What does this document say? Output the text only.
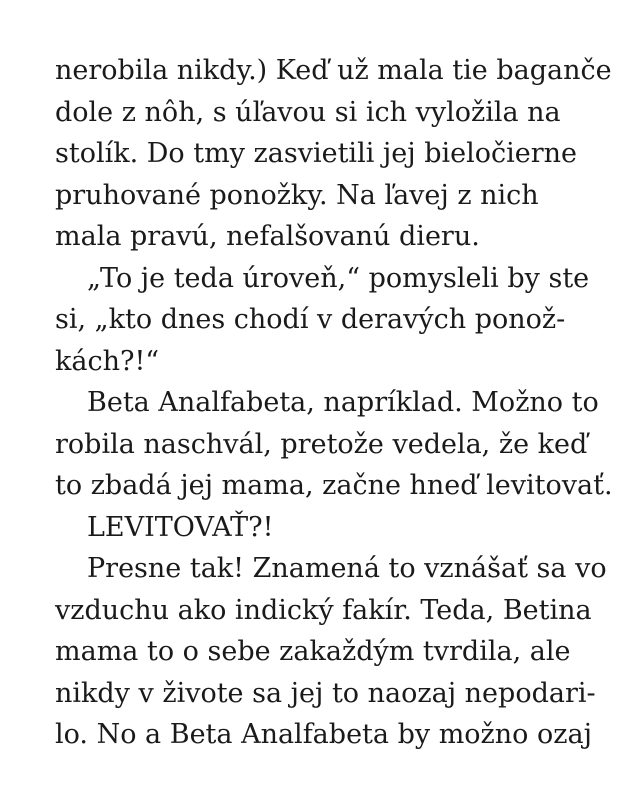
nerobila nikdy.) Keď už mala tie bagančе
dole z nôh, s úľavou si ich vyložila na
stolík. Do tmy zasvietili jej bieločierne
pruhované ponožky. Na ľavej z nich
mala pravú, nefalšovanú dieru.
„To je teda úroveň,“ pomysleli by ste
si, „kto dnes chodí v deravých ponož-
kách?!“
Beta Analfabeta, napríklad. Možno to
robila naschvál, pretože vedela, že keď
to zbadá jej mama, začne hneď levitovať.
LEVITOVAŤ?!
Presne tak! Znamená to vznášať sa vo
vzduchu ako indický fakír. Teda, Betina
mama to o sebe zakaždým tvrdila, ale
nikdy v živote sa jej to naozaj nepodari-
lo. No a Beta Analfabeta by možno ozaj
